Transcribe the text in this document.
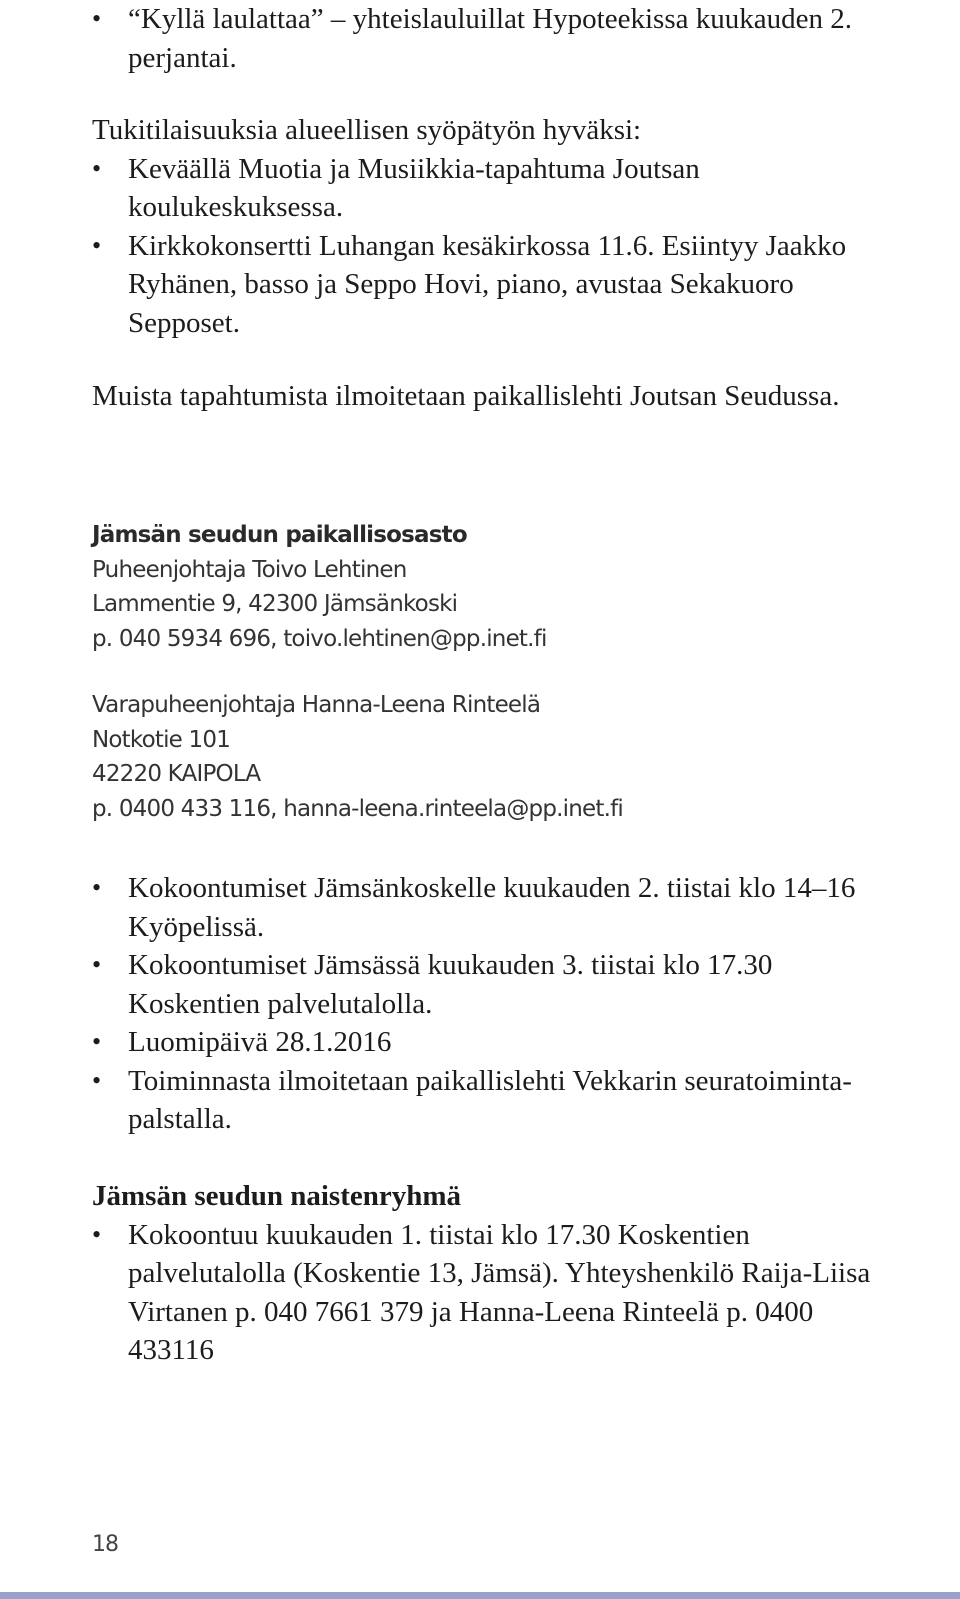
• “Kyllä laulattaa” – yhteislauluillat Hypoteekissa kuukauden 2. perjantai.

Tukitilaisuuksia alueellisen syöpätyön hyväksi:

• Keväällä Muotia ja Musiikkia-tapahtuma Joutsan koulukeskuksessa.
• Kirkkokonsertti Luhangan kesäkirkossa 11.6. Esiintyy Jaakko Ryhänen, basso ja Seppo Hovi, piano, avustaa Sekakuoro Sepposet.

Muista tapahtumista ilmoitetaan paikallislehti Joutsan Seudussa.

Jämsän seudun paikallisosasto

Puheenjohtaja Toivo Lehtinen

Lammentie 9, 42300 Jämsänkoski

p. 040 5934 696, toivo.lehtinen@pp.inet.fi

Varapuheenjohtaja Hanna-Leena Rinteelä

Notkotie 101

42220 KAIPOLA

p. 0400 433 116, hanna-leena.rinteela@pp.inet.fi

• Kokoontumiset Jämsänkoskelle kuukauden 2. tiistai klo 14–16 Kyöpelissä.
• Kokoontumiset Jämsässä kuukauden 3. tiistai klo 17.30 Koskentien palvelutalolla.
• Luomipäivä 28.1.2016
• Toiminnasta ilmoitetaan paikallislehti Vekkarin seuratoiminta-palstalla.

Jämsän seudun naistenryhmä

• Kokoontuu kuukauden 1. tiistai klo 17.30 Koskentien palvelutalolla (Koskentie 13, Jämsä). Yhteyshenkilö Raija-Liisa Virtanen p. 040 7661 379 ja Hanna-Leena Rinteelä p. 0400 433116
18
